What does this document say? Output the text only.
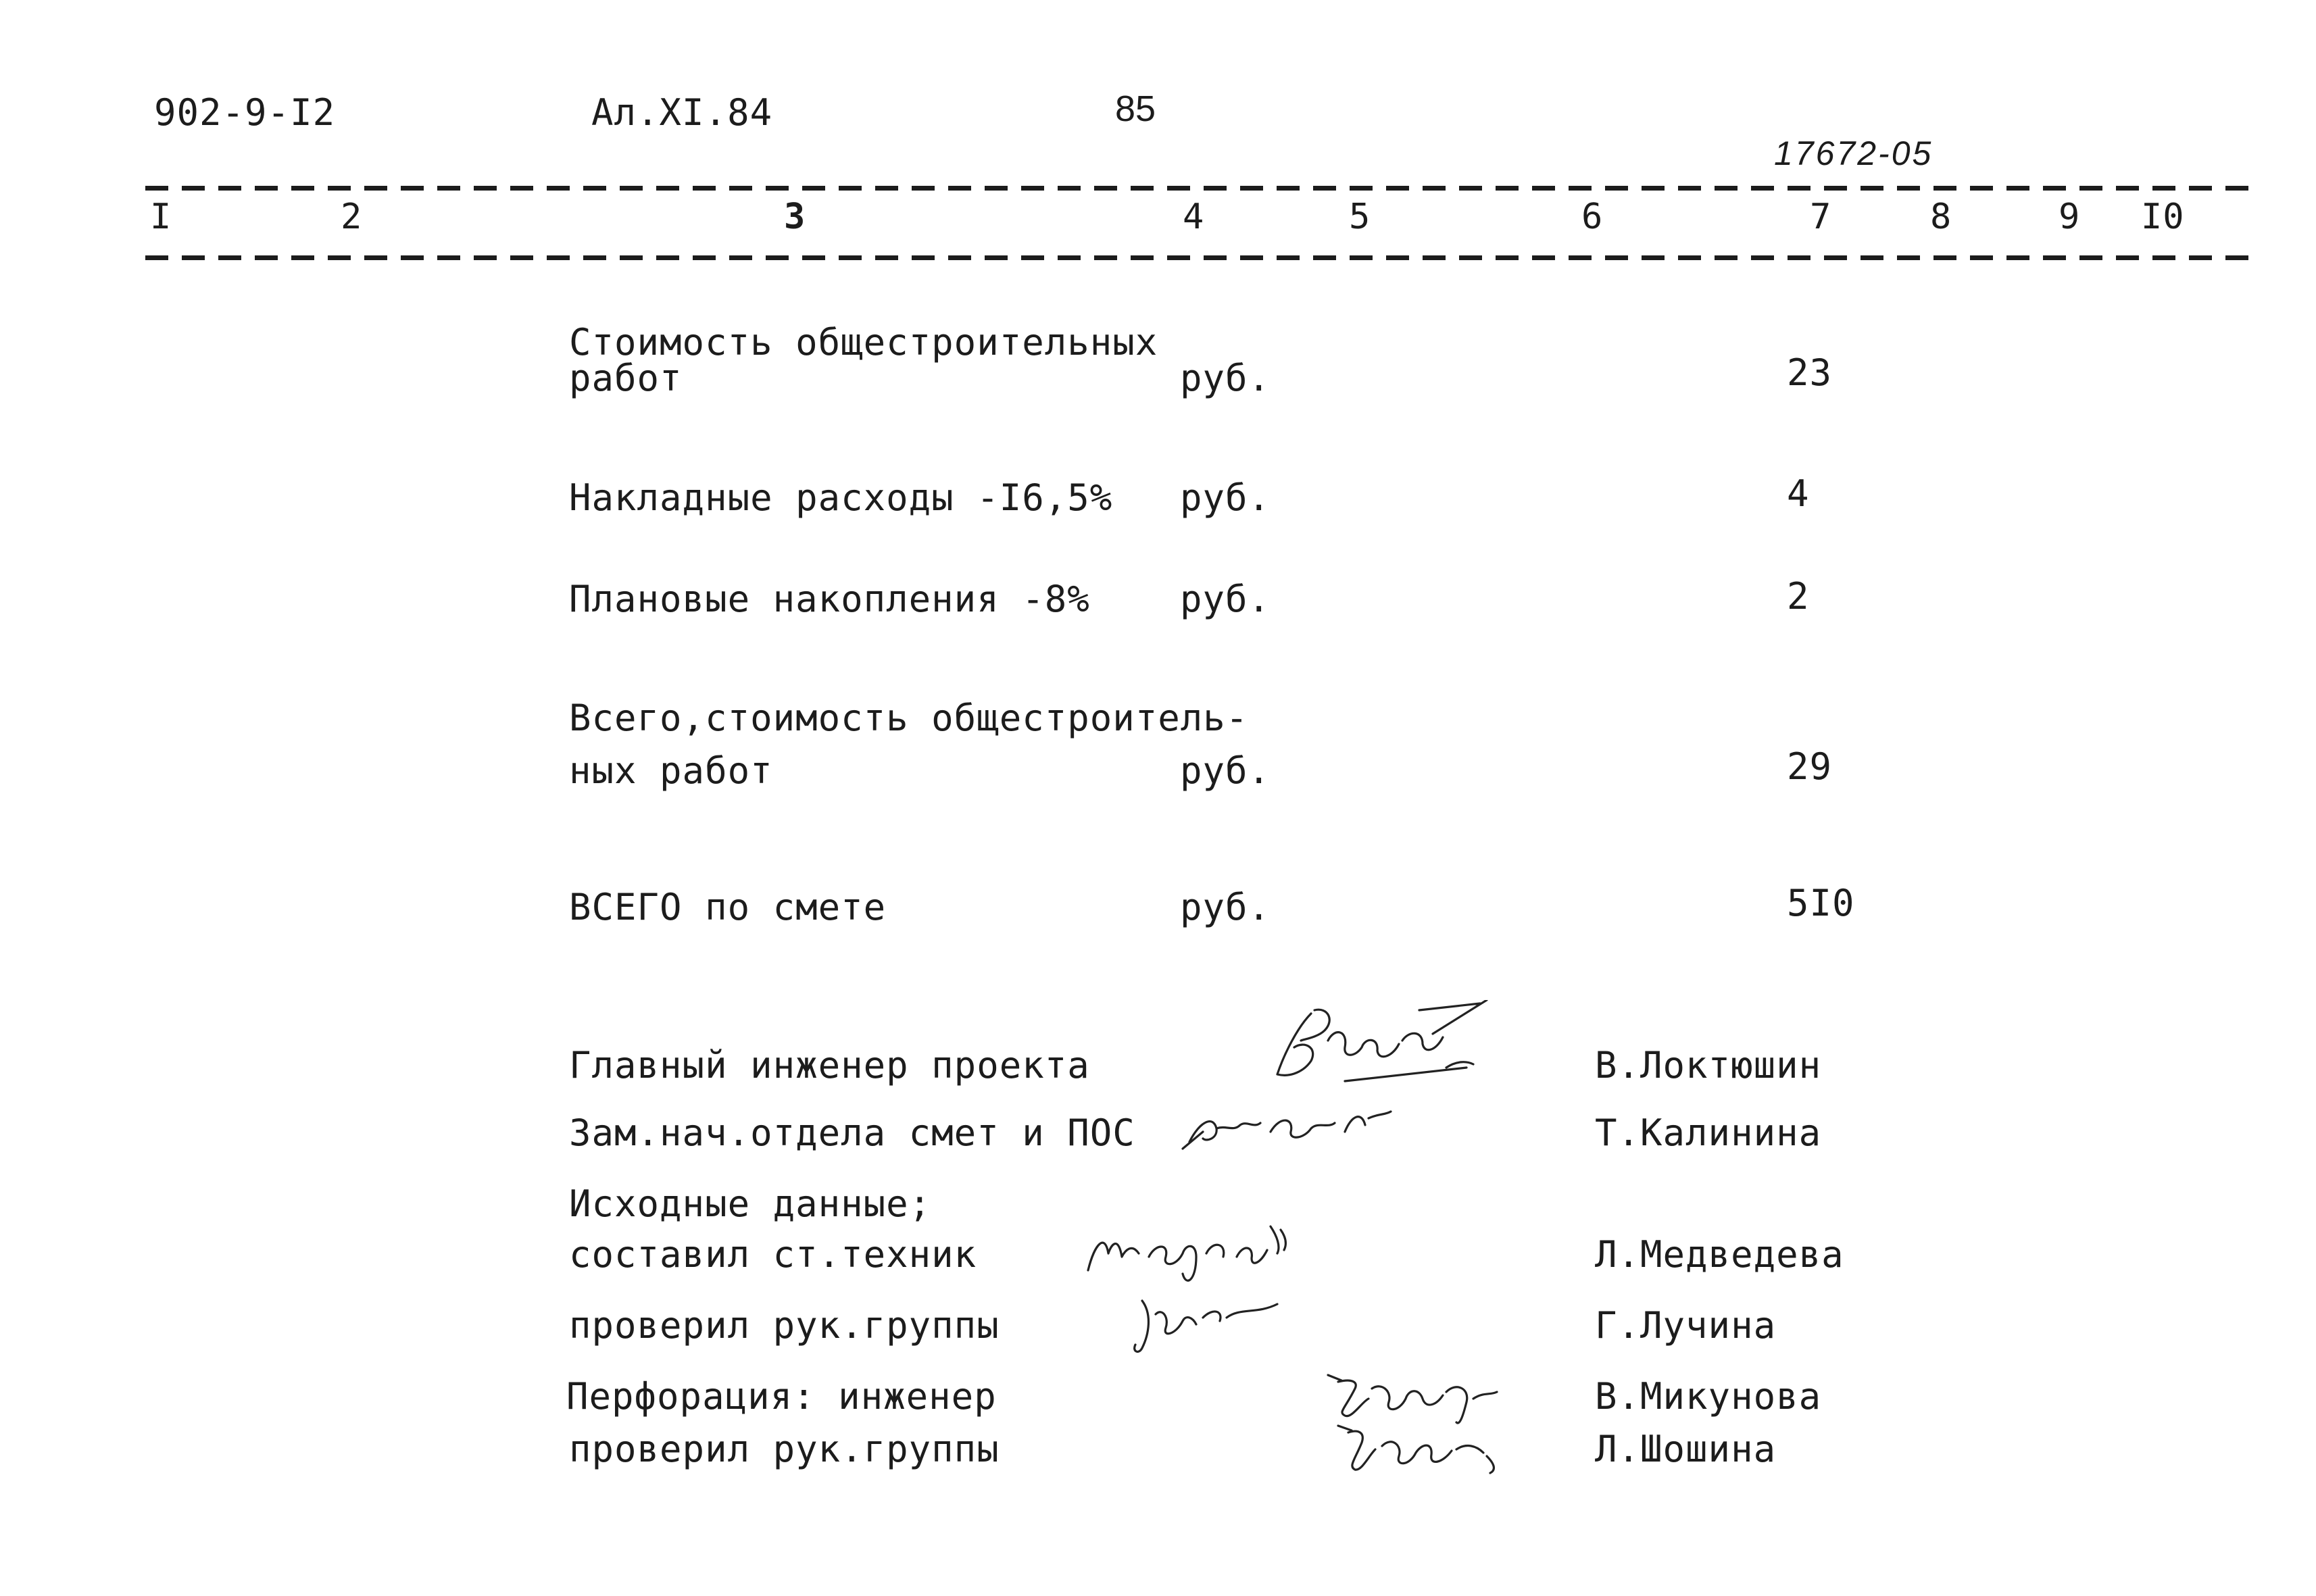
902-9-I2	Ал.XI.84	85
17672-05
I	2	3	4	5	6	7	8	9 I0
Стоимость общестроительных
работ	руб.	23
Накладные расходы -I6,5% руб.	4
Плановые накопления -8% руб.	2
Всего,стоимость общестроитель-
ных работ	руб.	29
ВСЕГО по смете	руб.	5I0
Главный инженер проекта	В.Локтюшин
Зам.нач.отдела смет и ПОС	Т.Калинина
Исходные данные;
составил ст.техник	Л.Медведева
проверил рук.группы	Г.Лучина
Перфорация: инженер	В.Микунова
проверил рук.группы	Л.Шошина
